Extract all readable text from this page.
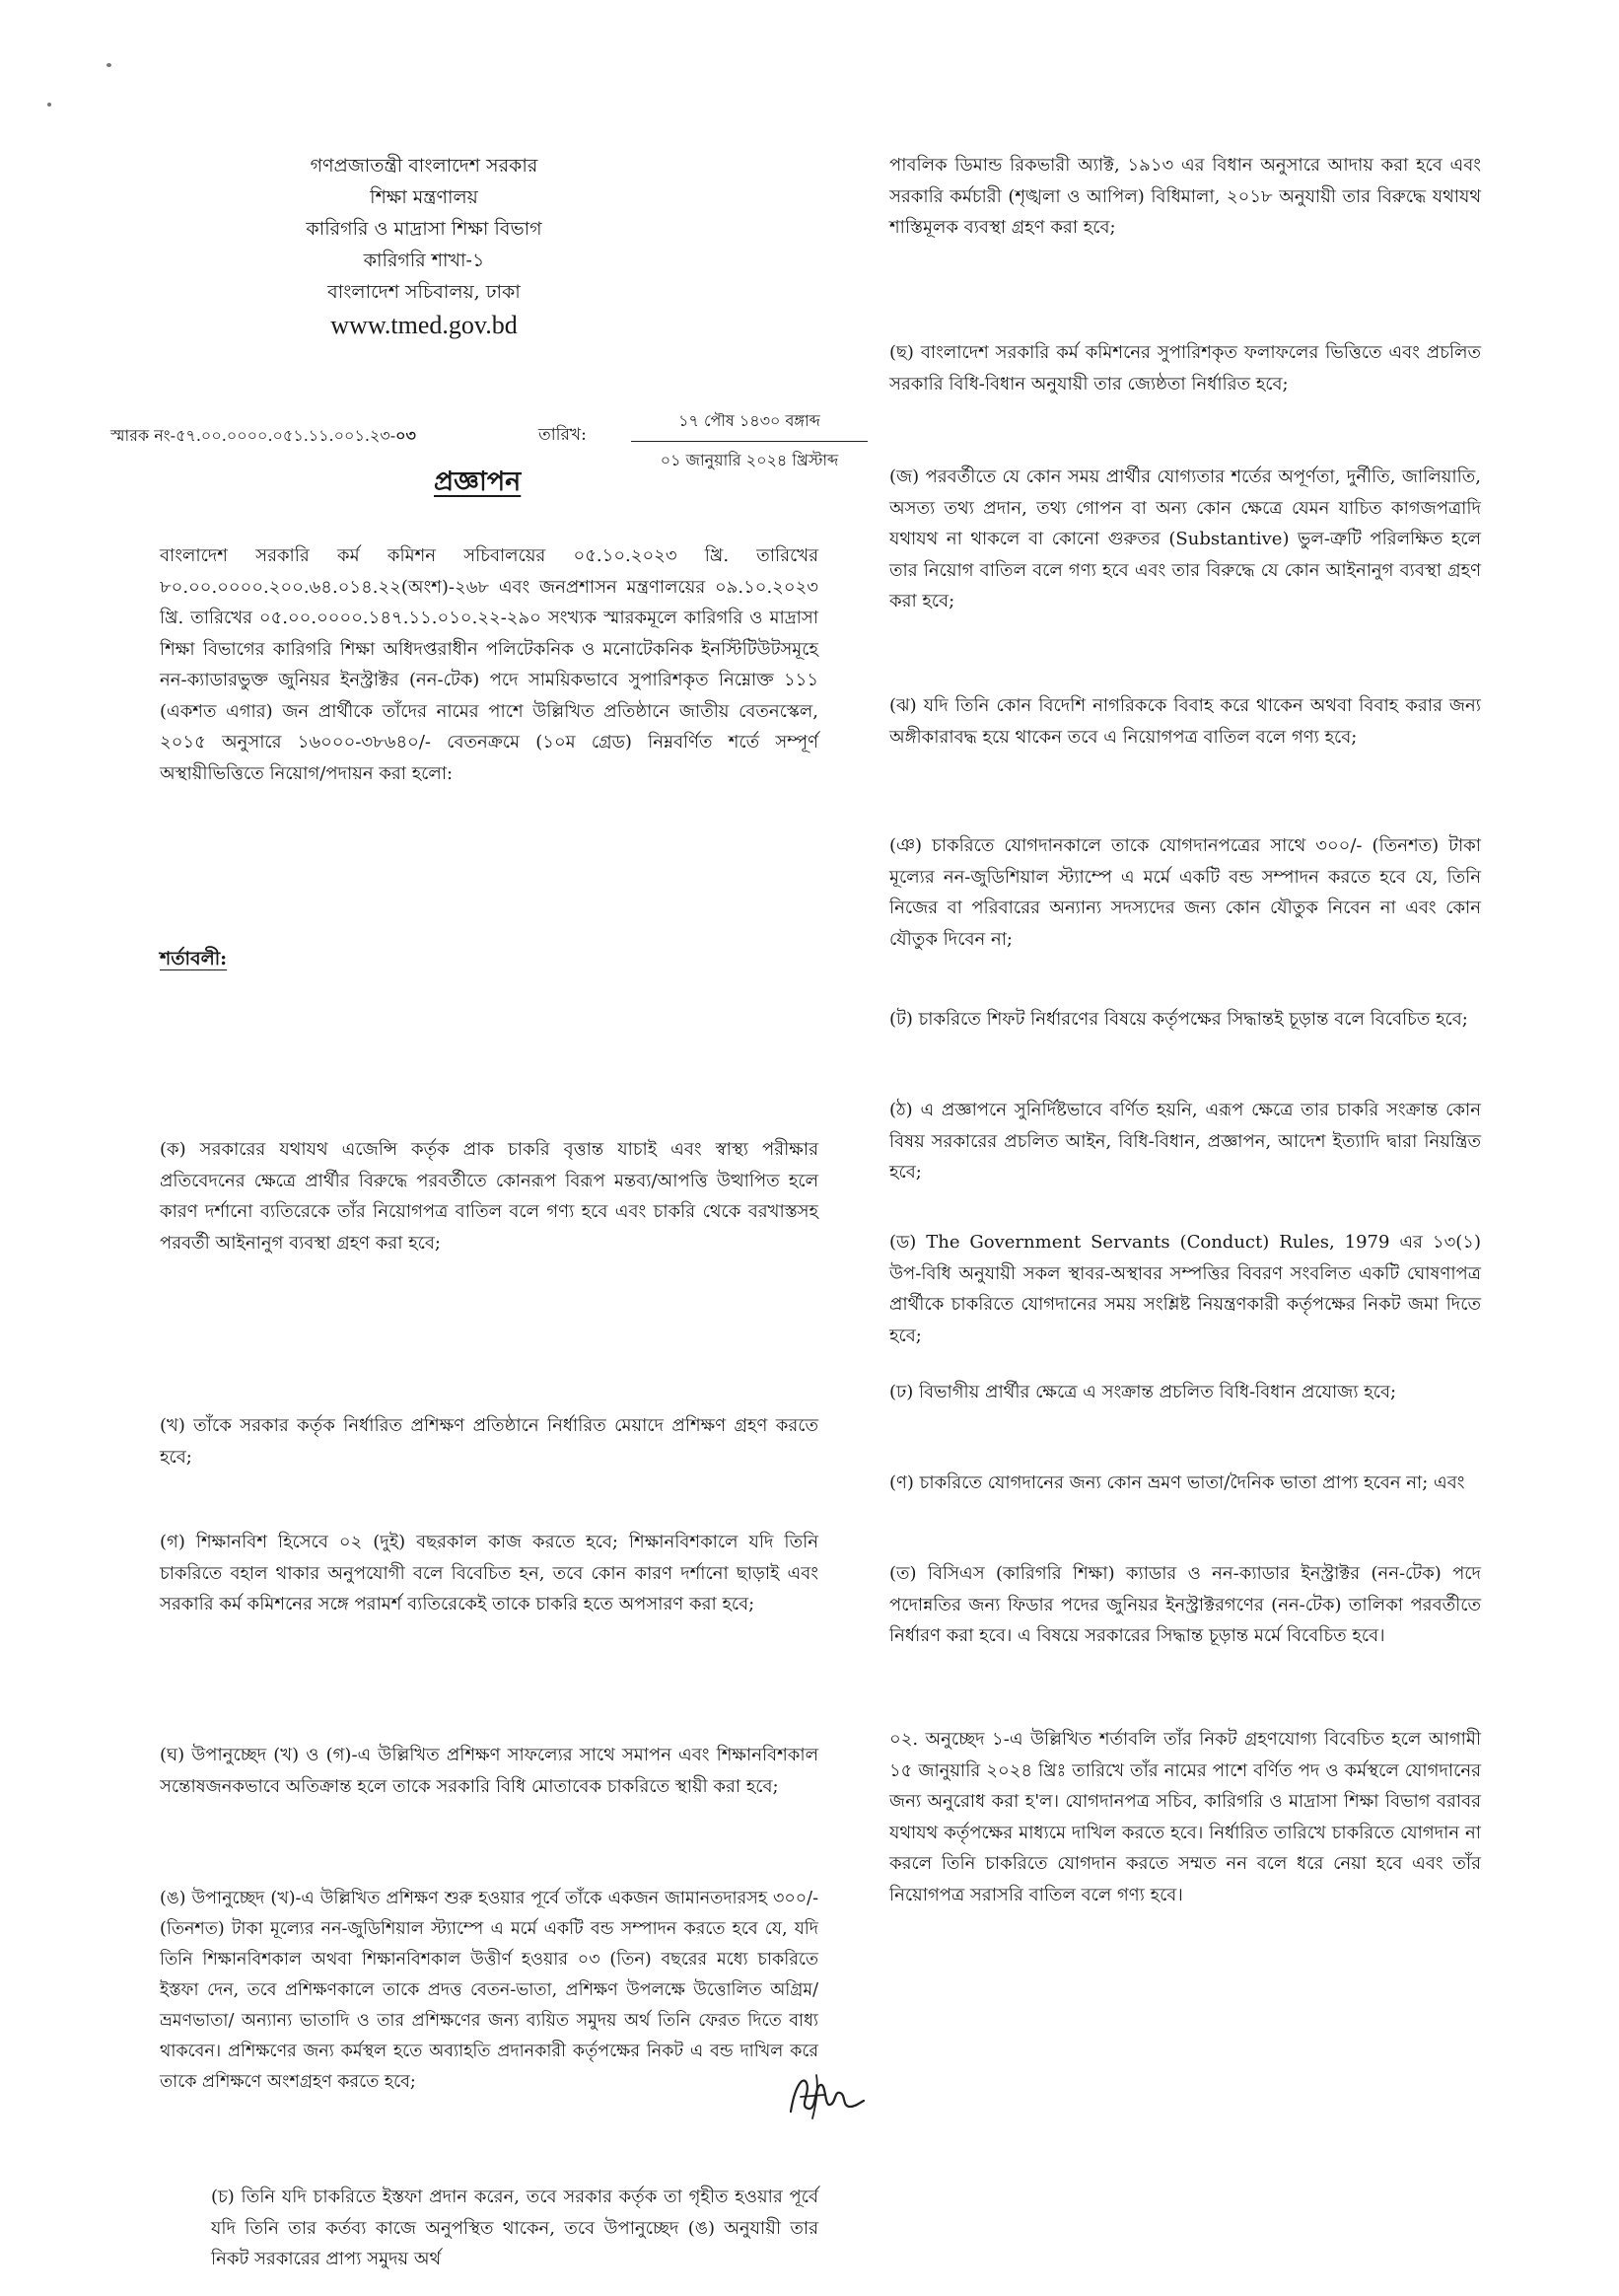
গণপ্রজাতন্ত্রী বাংলাদেশ সরকার

শিক্ষা মন্ত্রণালয়

কারিগরি ও মাদ্রাসা শিক্ষা বিভাগ

কারিগরি শাখা-১

বাংলাদেশ সচিবালয়, ঢাকা

www.tmed.gov.bd

স্মারক নং-৫৭.০০.০০০০.০৫১.১১.০০১.২৩-০৩	তারিখ:
১৭ পৌষ ১৪৩০ বঙ্গাব্দ
০১ জানুয়ারি ২০২৪ খ্রিস্টাব্দ
প্রজ্ঞাপন

বাংলাদেশ সরকারি কর্ম কমিশন সচিবালয়ের ০৫.১০.২০২৩ খ্রি. তারিখের ৮০.০০.০০০০.২০০.৬৪.০১৪.২২(অংশ)-২৬৮ এবং জনপ্রশাসন মন্ত্রণালয়ের ০৯.১০.২০২৩ খ্রি. তারিখের ০৫.০০.০০০০.১৪৭.১১.০১০.২২-২৯০ সংখ্যক স্মারকমূলে কারিগরি ও মাদ্রাসা শিক্ষা বিভাগের কারিগরি শিক্ষা অধিদপ্তরাধীন পলিটেকনিক ও মনোটেকনিক ইনস্টিটিউটসমূহে নন-ক্যাডারভুক্ত জুনিয়র ইনস্ট্রাক্টর (নন-টেক) পদে সাময়িকভাবে সুপারিশকৃত নিম্নোক্ত ১১১ (একশত এগার) জন প্রার্থীকে তাঁদের নামের পাশে উল্লিখিত প্রতিষ্ঠানে জাতীয় বেতনস্কেল, ২০১৫ অনুসারে ১৬০০০-৩৮৬৪০/- বেতনক্রমে (১০ম গ্রেড) নিম্নবর্ণিত শর্তে সম্পূর্ণ অস্থায়ীভিত্তিতে নিয়োগ/পদায়ন করা হলো:

(ক) সরকারের যথাযথ এজেন্সি কর্তৃক প্রাক চাকরি বৃত্তান্ত যাচাই এবং স্বাস্থ্য পরীক্ষার প্রতিবেদনের ক্ষেত্রে প্রার্থীর বিরুদ্ধে পরবর্তীতে কোনরূপ বিরূপ মন্তব্য/আপত্তি উত্থাপিত হলে কারণ দর্শানো ব্যতিরেকে তাঁর নিয়োগপত্র বাতিল বলে গণ্য হবে এবং চাকরি থেকে বরখাস্তসহ পরবর্তী আইনানুগ ব্যবস্থা গ্রহণ করা হবে;

(খ) তাঁকে সরকার কর্তৃক নির্ধারিত প্রশিক্ষণ প্রতিষ্ঠানে নির্ধারিত মেয়াদে প্রশিক্ষণ গ্রহণ করতে হবে;

(গ) শিক্ষানবিশ হিসেবে ০২ (দুই) বছরকাল কাজ করতে হবে; শিক্ষানবিশকালে যদি তিনি চাকরিতে বহাল থাকার অনুপযোগী বলে বিবেচিত হন, তবে কোন কারণ দর্শানো ছাড়াই এবং সরকারি কর্ম কমিশনের সঙ্গে পরামর্শ ব্যতিরেকেই তাকে চাকরি হতে অপসারণ করা হবে;

(ঘ) উপানুচ্ছেদ (খ) ও (গ)-এ উল্লিখিত প্রশিক্ষণ সাফল্যের সাথে সমাপন এবং শিক্ষানবিশকাল সন্তোষজনকভাবে অতিক্রান্ত হলে তাকে সরকারি বিধি মোতাবেক চাকরিতে স্থায়ী করা হবে;

(ঙ) উপানুচ্ছেদ (খ)-এ উল্লিখিত প্রশিক্ষণ শুরু হওয়ার পূর্বে তাঁকে একজন জামানতদারসহ ৩০০/- (তিনশত) টাকা মূল্যের নন-জুডিশিয়াল স্ট্যাম্পে এ মর্মে একটি বন্ড সম্পাদন করতে হবে যে, যদি তিনি শিক্ষানবিশকাল অথবা শিক্ষানবিশকাল উত্তীর্ণ হওয়ার ০৩ (তিন) বছরের মধ্যে চাকরিতে ইস্তফা দেন, তবে প্রশিক্ষণকালে তাকে প্রদত্ত বেতন-ভাতা, প্রশিক্ষণ উপলক্ষে উত্তোলিত অগ্রিম/ ভ্রমণভাতা/ অন্যান্য ভাতাদি ও তার প্রশিক্ষণের জন্য ব্যয়িত সমুদয় অর্থ তিনি ফেরত দিতে বাধ্য থাকবেন। প্রশিক্ষণের জন্য কর্মস্থল হতে অব্যাহতি প্রদানকারী কর্তৃপক্ষের নিকট এ বন্ড দাখিল করে তাকে প্রশিক্ষণে অংশগ্রহণ করতে হবে;

(চ) তিনি যদি চাকরিতে ইস্তফা প্রদান করেন, তবে সরকার কর্তৃক তা গৃহীত হওয়ার পূর্বে যদি তিনি তার কর্তব্য কাজে অনুপস্থিত থাকেন, তবে উপানুচ্ছেদ (ঙ) অনুযায়ী তার নিকট সরকারের প্রাপ্য সমুদয় অর্থ

শর্তাবলী:

পাবলিক ডিমান্ড রিকভারী অ্যাক্ট, ১৯১৩ এর বিধান অনুসারে আদায় করা হবে এবং সরকারি কর্মচারী (শৃঙ্খলা ও আপিল) বিধিমালা, ২০১৮ অনুযায়ী তার বিরুদ্ধে যথাযথ শাস্তিমূলক ব্যবস্থা গ্রহণ করা হবে;

(ছ) বাংলাদেশ সরকারি কর্ম কমিশনের সুপারিশকৃত ফলাফলের ভিত্তিতে এবং প্রচলিত সরকারি বিধি-বিধান অনুযায়ী তার জ্যেষ্ঠতা নির্ধারিত হবে;

(জ) পরবর্তীতে যে কোন সময় প্রার্থীর যোগ্যতার শর্তের অপূর্ণতা, দুর্নীতি, জালিয়াতি, অসত্য তথ্য প্রদান, তথ্য গোপন বা অন্য কোন ক্ষেত্রে যেমন যাচিত কাগজপত্রাদি যথাযথ না থাকলে বা কোনো গুরুতর (Substantive) ভুল-ত্রুটি পরিলক্ষিত হলে তার নিয়োগ বাতিল বলে গণ্য হবে এবং তার বিরুদ্ধে যে কোন আইনানুগ ব্যবস্থা গ্রহণ করা হবে;

(ঝ) যদি তিনি কোন বিদেশি নাগরিককে বিবাহ করে থাকেন অথবা বিবাহ করার জন্য অঙ্গীকারাবদ্ধ হয়ে থাকেন তবে এ নিয়োগপত্র বাতিল বলে গণ্য হবে;

(ঞ) চাকরিতে যোগদানকালে তাকে যোগদানপত্রের সাথে ৩০০/- (তিনশত) টাকা মূল্যের নন-জুডিশিয়াল স্ট্যাম্পে এ মর্মে একটি বন্ড সম্পাদন করতে হবে যে, তিনি নিজের বা পরিবারের অন্যান্য সদস্যদের জন্য কোন যৌতুক নিবেন না এবং কোন যৌতুক দিবেন না;

(ট) চাকরিতে শিফট নির্ধারণের বিষয়ে কর্তৃপক্ষের সিদ্ধান্তই চূড়ান্ত বলে বিবেচিত হবে;

(ঠ) এ প্রজ্ঞাপনে সুনির্দিষ্টভাবে বর্ণিত হয়নি, এরূপ ক্ষেত্রে তার চাকরি সংক্রান্ত কোন বিষয় সরকারের প্রচলিত আইন, বিধি-বিধান, প্রজ্ঞাপন, আদেশ ইত্যাদি দ্বারা নিয়ন্ত্রিত হবে;

(ড) The Government Servants (Conduct) Rules, 1979 এর ১৩(১) উপ-বিধি অনুযায়ী সকল স্থাবর-অস্থাবর সম্পত্তির বিবরণ সংবলিত একটি ঘোষণাপত্র প্রার্থীকে চাকরিতে যোগদানের সময় সংশ্লিষ্ট নিয়ন্ত্রণকারী কর্তৃপক্ষের নিকট জমা দিতে হবে;

(ঢ) বিভাগীয় প্রার্থীর ক্ষেত্রে এ সংক্রান্ত প্রচলিত বিধি-বিধান প্রযোজ্য হবে;

(ণ) চাকরিতে যোগদানের জন্য কোন ভ্রমণ ভাতা/দৈনিক ভাতা প্রাপ্য হবেন না; এবং

(ত) বিসিএস (কারিগরি শিক্ষা) ক্যাডার ও নন-ক্যাডার ইনস্ট্রাক্টর (নন-টেক) পদে পদোন্নতির জন্য ফিডার পদের জুনিয়র ইনস্ট্রাক্টরগণের (নন-টেক) তালিকা পরবর্তীতে নির্ধারণ করা হবে। এ বিষয়ে সরকারের সিদ্ধান্ত চূড়ান্ত মর্মে বিবেচিত হবে।

০২. অনুচ্ছেদ ১-এ উল্লিখিত শর্তাবলি তাঁর নিকট গ্রহণযোগ্য বিবেচিত হলে আগামী ১৫ জানুয়ারি ২০২৪ খ্রিঃ তারিখে তাঁর নামের পাশে বর্ণিত পদ ও কর্মস্থলে যোগদানের জন্য অনুরোধ করা হ'ল। যোগদানপত্র সচিব, কারিগরি ও মাদ্রাসা শিক্ষা বিভাগ বরাবর যথাযথ কর্তৃপক্ষের মাধ্যমে দাখিল করতে হবে। নির্ধারিত তারিখে চাকরিতে যোগদান না করলে তিনি চাকরিতে যোগদান করতে সম্মত নন বলে ধরে নেয়া হবে এবং তাঁর নিয়োগপত্র সরাসরি বাতিল বলে গণ্য হবে।
